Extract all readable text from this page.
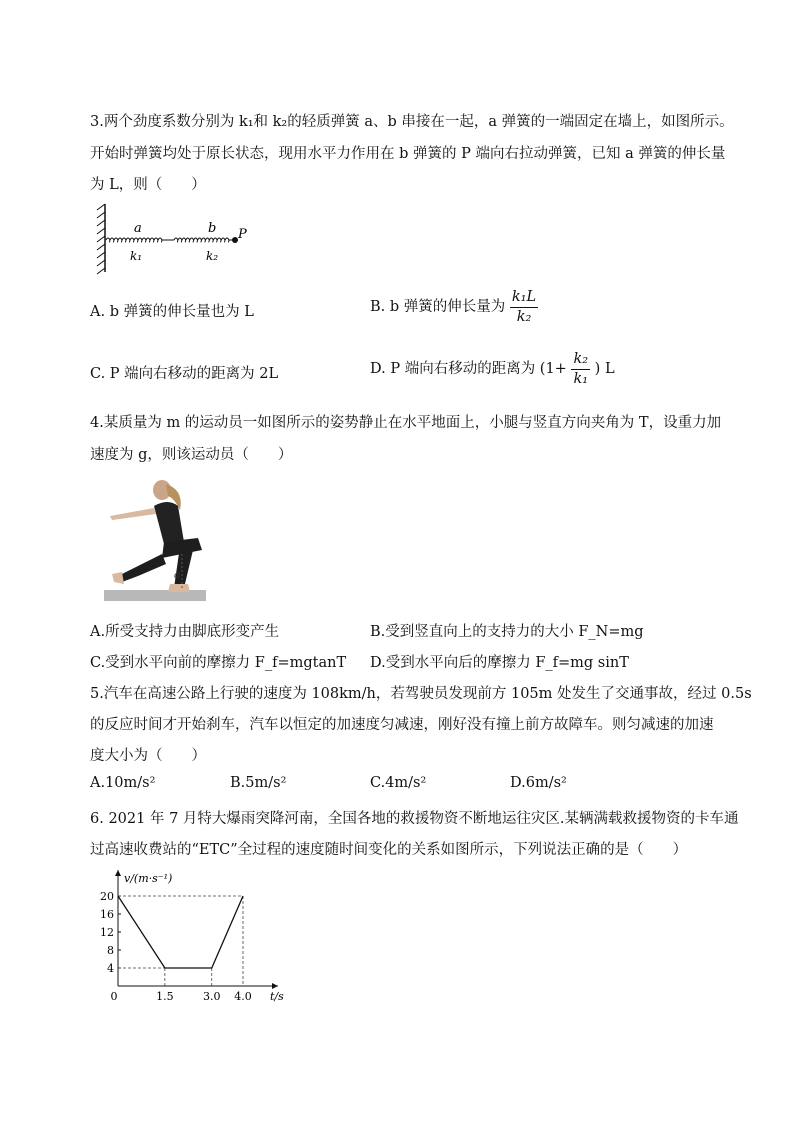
3.两个劲度系数分别为 k₁和 k₂的轻质弹簧 a、b 串接在一起，a 弹簧的一端固定在墙上，如图所示。
开始时弹簧均处于原长状态，现用水平力作用在 b 弹簧的 P 端向右拉动弹簧，已知 a 弹簧的伸长量
为 L，则（　　）
a	b P
k₁	k₂
A. b 弹簧的伸长量也为 L	B. b 弹簧的伸长量为 $\frac{\text{k₁L}}{\text{k₂}}$
C. P 端向右移动的距离为 2L	D. P 端向右移动的距离为 ($1+ \frac{\text{k₂}}{\text{k₁}}$ ) L
4.某质量为 m 的运动员一如图所示的姿势静止在水平地面上，小腿与竖直方向夹角为 T，设重力加
速度为 g，则该运动员（　　）
α
A.所受支持力由脚底形变产生	B.受到竖直向上的支持力的大小 F_N=mg
C.受到水平向前的摩擦力 F_f=mgtanT D.受到水平向后的摩擦力 F_f=mg sinT
5.汽车在高速公路上行驶的速度为 108km/h，若驾驶员发现前方 105m 处发生了交通事故，经过 0.5s
的反应时间才开始刹车，汽车以恒定的加速度匀减速，刚好没有撞上前方故障车。则匀减速的加速
度大小为（　　）
A.10m/s²	B.5m/s²	C.4m/s²	D.6m/s²
6. 2021 年 7 月特大爆雨突降河南，全国各地的救援物资不断地运往灾区.某辆满载救援物资的卡车通
过高速收费站的“ETC”全过程的速度随时间变化的关系如图所示，下列说法正确的是（　　）
4
8
12
16
20
0	1.5	3.0 4.0
v/(m·s⁻¹)
t/s
